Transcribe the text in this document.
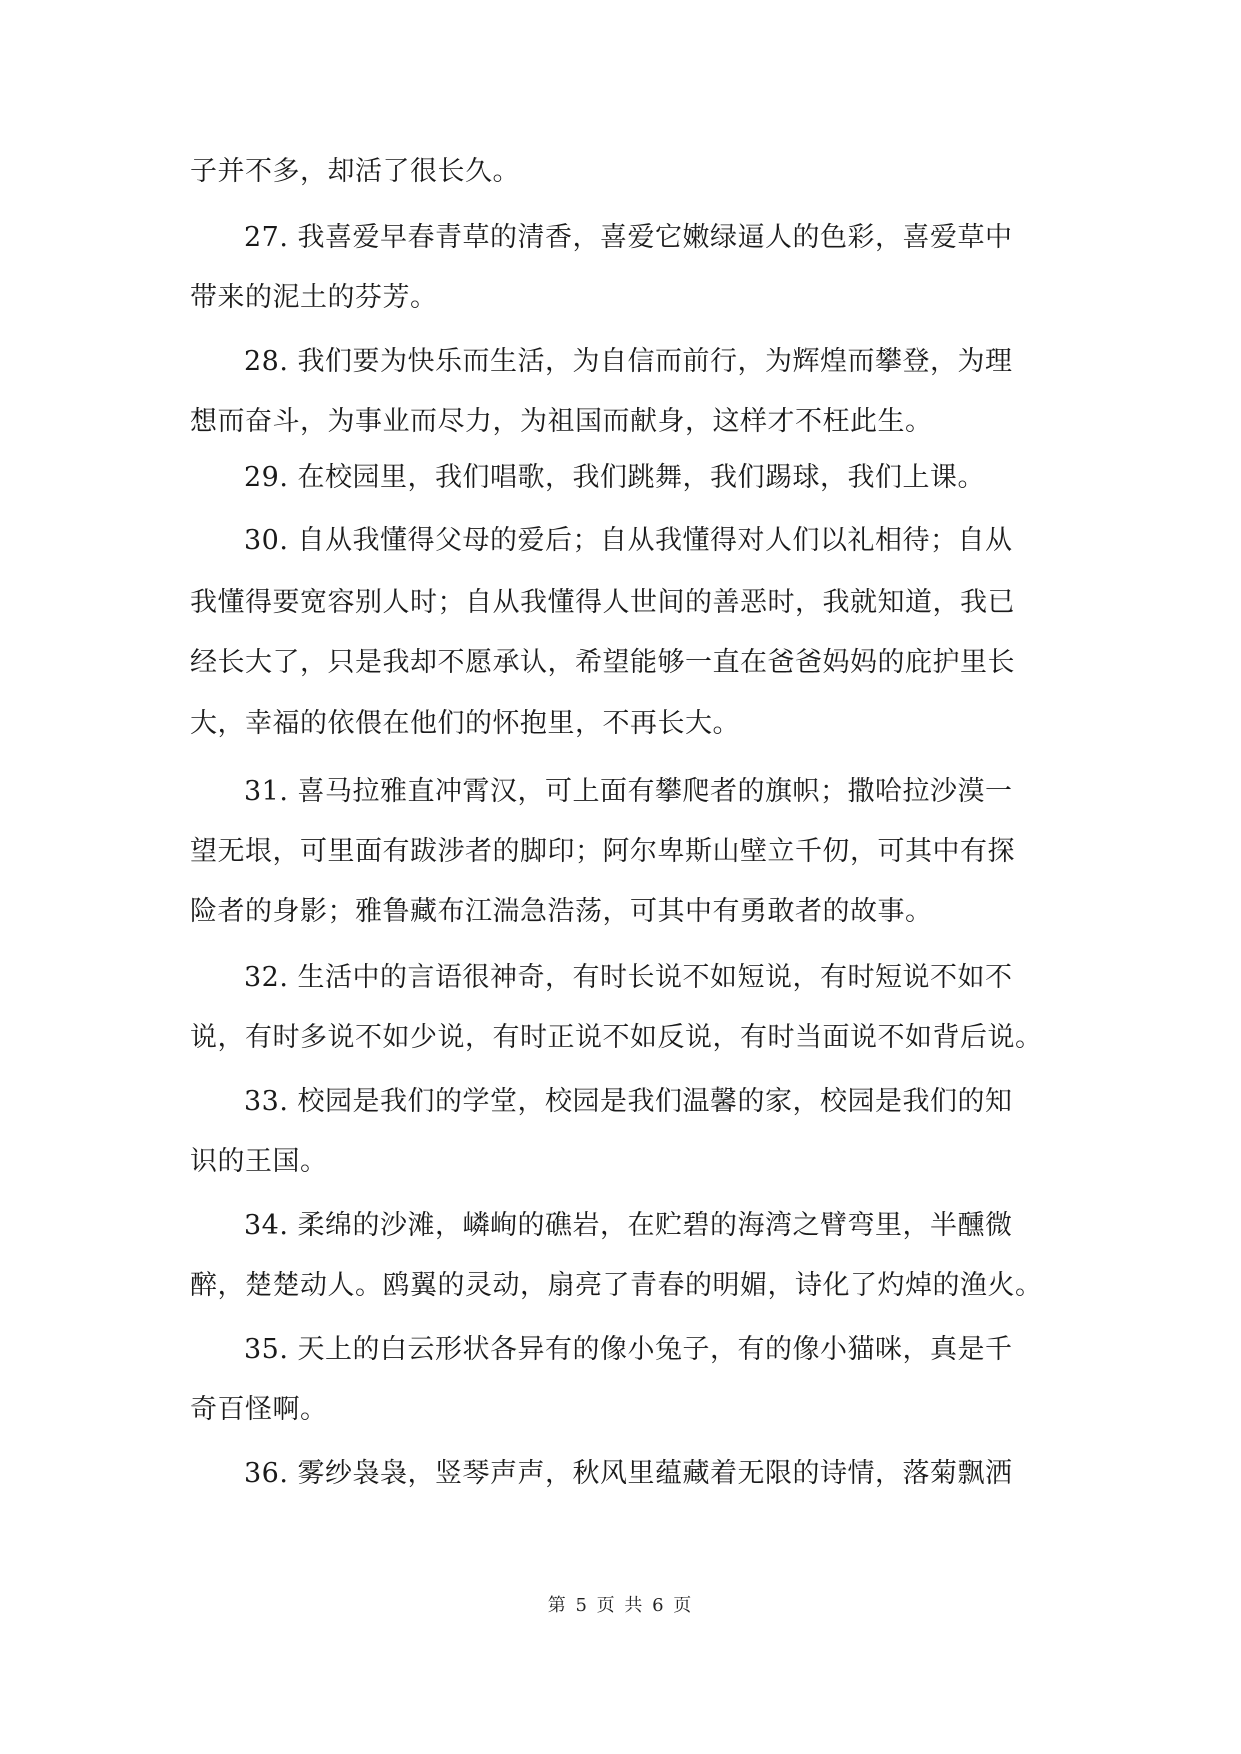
子并不多，却活了很长久。
27. 我喜爱早春青草的清香，喜爱它嫩绿逼人的色彩，喜爱草中
带来的泥土的芬芳。
28. 我们要为快乐而生活，为自信而前行，为辉煌而攀登，为理
想而奋斗，为事业而尽力，为祖国而献身，这样才不枉此生。
29. 在校园里，我们唱歌，我们跳舞，我们踢球，我们上课。
30. 自从我懂得父母的爱后；自从我懂得对人们以礼相待；自从
我懂得要宽容别人时；自从我懂得人世间的善恶时，我就知道，我已
经长大了，只是我却不愿承认，希望能够一直在爸爸妈妈的庇护里长
大，幸福的依偎在他们的怀抱里，不再长大。
31. 喜马拉雅直冲霄汉，可上面有攀爬者的旗帜；撒哈拉沙漠一
望无垠，可里面有跋涉者的脚印；阿尔卑斯山壁立千仞，可其中有探
险者的身影；雅鲁藏布江湍急浩荡，可其中有勇敢者的故事。
32. 生活中的言语很神奇，有时长说不如短说，有时短说不如不
说，有时多说不如少说，有时正说不如反说，有时当面说不如背后说。
33. 校园是我们的学堂，校园是我们温馨的家，校园是我们的知
识的王国。
34. 柔绵的沙滩，嶙峋的礁岩，在贮碧的海湾之臂弯里，半醺微
醉，楚楚动人。鸥翼的灵动，扇亮了青春的明媚，诗化了灼焯的渔火。
35. 天上的白云形状各异有的像小兔子，有的像小猫咪，真是千
奇百怪啊。
36. 雾纱袅袅，竖琴声声，秋风里蕴藏着无限的诗情，落菊飘洒
第 5 页 共 6 页
